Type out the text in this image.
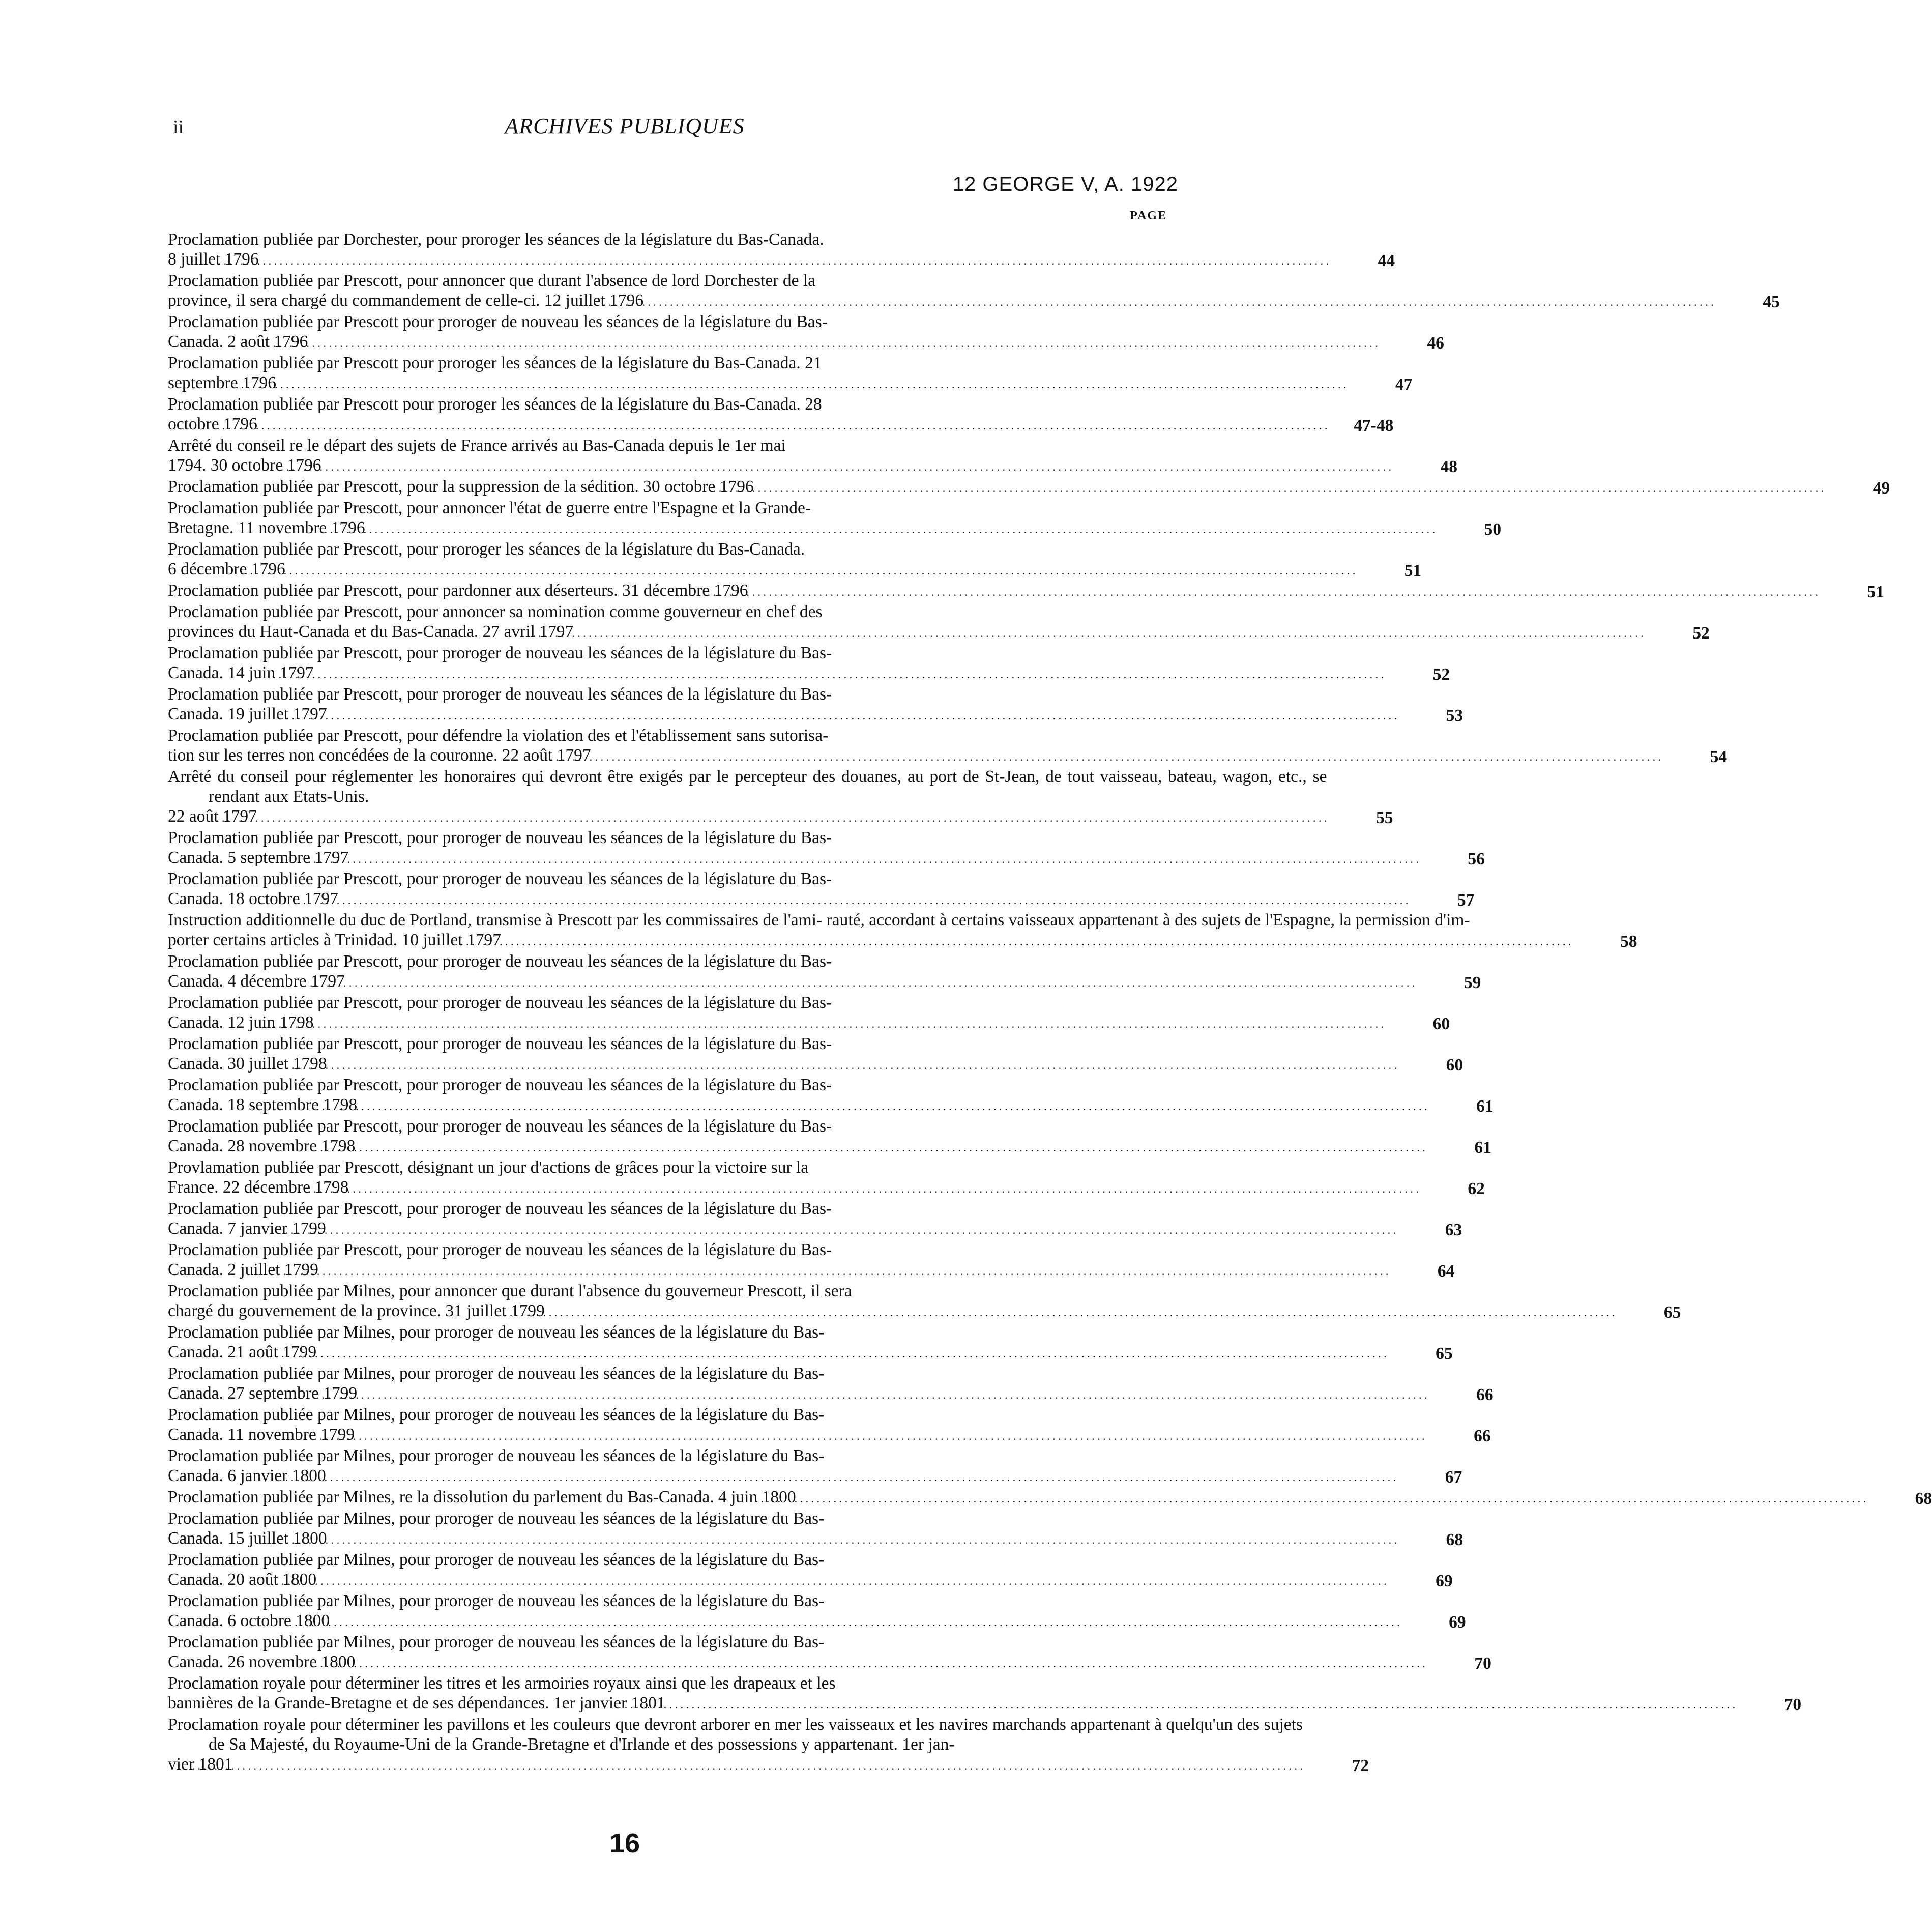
ii	ARCHIVES PUBLIQUES
12 GEORGE V, A. 1922
PAGE
Proclamation publiée par Dorchester, pour proroger les séances de la législature du Bas-Canada.
8 juillet 1796 . . .	44
Proclamation publiée par Prescott, pour annoncer que durant l'absence de lord Dorchester de la
province, il sera chargé du commandement de celle-ci. 12 juillet 1796 . . .	45
Proclamation publiée par Prescott pour proroger de nouveau les séances de la législature du Bas-
Canada. 2 août 1796 . . .	46
Proclamation publiée par Prescott pour proroger les séances de la législature du Bas-Canada. 21
septembre 1796 . . .	47
Proclamation publiée par Prescott pour proroger les séances de la législature du Bas-Canada. 28
octobre 1796 . . .	47-48
Arrêté du conseil re le départ des sujets de France arrivés au Bas-Canada depuis le 1er mai
1794. 30 octobre 1796 . . .	48
Proclamation publiée par Prescott, pour la suppression de la sédition. 30 octobre 1796 . . .	49
Proclamation publiée par Prescott, pour annoncer l'état de guerre entre l'Espagne et la Grande-
Bretagne. 11 novembre 1796 . . .	50
Proclamation publiée par Prescott, pour proroger les séances de la législature du Bas-Canada.
6 décembre 1796 . . .	51
Proclamation publiée par Prescott, pour pardonner aux déserteurs. 31 décembre 1796 . . .	51
Proclamation publiée par Prescott, pour annoncer sa nomination comme gouverneur en chef des
provinces du Haut-Canada et du Bas-Canada. 27 avril 1797 . . .	52
Proclamation publiée par Prescott, pour proroger de nouveau les séances de la législature du Bas-
Canada. 14 juin 1797 . . .	52
Proclamation publiée par Prescott, pour proroger de nouveau les séances de la législature du Bas-
Canada. 19 juillet 1797 . . .	53
Proclamation publiée par Prescott, pour défendre la violation des et l'établissement sans sutorisa-
tion sur les terres non concédées de la couronne. 22 août 1797 . . .	54
Arrêté du conseil pour réglementer les honoraires qui devront être exigés par le percepteur des douanes, au port de St-Jean, de tout vaisseau, bateau, wagon, etc., se rendant aux Etats-Unis.
22 août 1797 . . .	55
Proclamation publiée par Prescott, pour proroger de nouveau les séances de la législature du Bas-
Canada. 5 septembre 1797 . . .	56
Proclamation publiée par Prescott, pour proroger de nouveau les séances de la législature du Bas-
Canada. 18 octobre 1797 . . .	57
Instruction additionnelle du duc de Portland, transmise à Prescott par les commissaires de l'ami- rauté, accordant à certains vaisseaux appartenant à des sujets de l'Espagne, la permission d'im-
porter certains articles à Trinidad. 10 juillet 1797 . . .	58
Proclamation publiée par Prescott, pour proroger de nouveau les séances de la législature du Bas-
Canada. 4 décembre 1797 . . .	59
Proclamation publiée par Prescott, pour proroger de nouveau les séances de la législature du Bas-
Canada. 12 juin 1798 . . .	60
Proclamation publiée par Prescott, pour proroger de nouveau les séances de la législature du Bas-
Canada. 30 juillet 1798 . . .	60
Proclamation publiée par Prescott, pour proroger de nouveau les séances de la législature du Bas-
Canada. 18 septembre 1798 . . .	61
Proclamation publiée par Prescott, pour proroger de nouveau les séances de la législature du Bas-
Canada. 28 novembre 1798 . . .	61
Provlamation publiée par Prescott, désignant un jour d'actions de grâces pour la victoire sur la
France. 22 décembre 1798 . . .	62
Proclamation publiée par Prescott, pour proroger de nouveau les séances de la législature du Bas-
Canada. 7 janvier 1799 . . .	63
Proclamation publiée par Prescott, pour proroger de nouveau les séances de la législature du Bas-
Canada. 2 juillet 1799 . . .	64
Proclamation publiée par Milnes, pour annoncer que durant l'absence du gouverneur Prescott, il sera
chargé du gouvernement de la province. 31 juillet 1799 . . .	65
Proclamation publiée par Milnes, pour proroger de nouveau les séances de la législature du Bas-
Canada. 21 août 1799 . . .	65
Proclamation publiée par Milnes, pour proroger de nouveau les séances de la législature du Bas-
Canada. 27 septembre 1799 . . .	66
Proclamation publiée par Milnes, pour proroger de nouveau les séances de la législature du Bas-
Canada. 11 novembre 1799 . . .	66
Proclamation publiée par Milnes, pour proroger de nouveau les séances de la législature du Bas-
Canada. 6 janvier 1800 . . .	67
Proclamation publiée par Milnes, re la dissolution du parlement du Bas-Canada. 4 juin 1800 . . .	68
Proclamation publiée par Milnes, pour proroger de nouveau les séances de la législature du Bas-
Canada. 15 juillet 1800 . . .	68
Proclamation publiée par Milnes, pour proroger de nouveau les séances de la législature du Bas-
Canada. 20 août 1800 . . .	69
Proclamation publiée par Milnes, pour proroger de nouveau les séances de la législature du Bas-
Canada. 6 octobre 1800 . . .	69
Proclamation publiée par Milnes, pour proroger de nouveau les séances de la législature du Bas-
Canada. 26 novembre 1800 . . .	70
Proclamation royale pour déterminer les titres et les armoiries royaux ainsi que les drapeaux et les
bannières de la Grande-Bretagne et de ses dépendances. 1er janvier 1801 . . .	70
Proclamation royale pour déterminer les pavillons et les couleurs que devront arborer en mer les vaisseaux et les navires marchands appartenant à quelqu'un des sujets de Sa Majesté, du Royaume-Uni de la Grande-Bretagne et d'Irlande et des possessions y appartenant. 1er jan-
vier 1801 . . .	72
16
